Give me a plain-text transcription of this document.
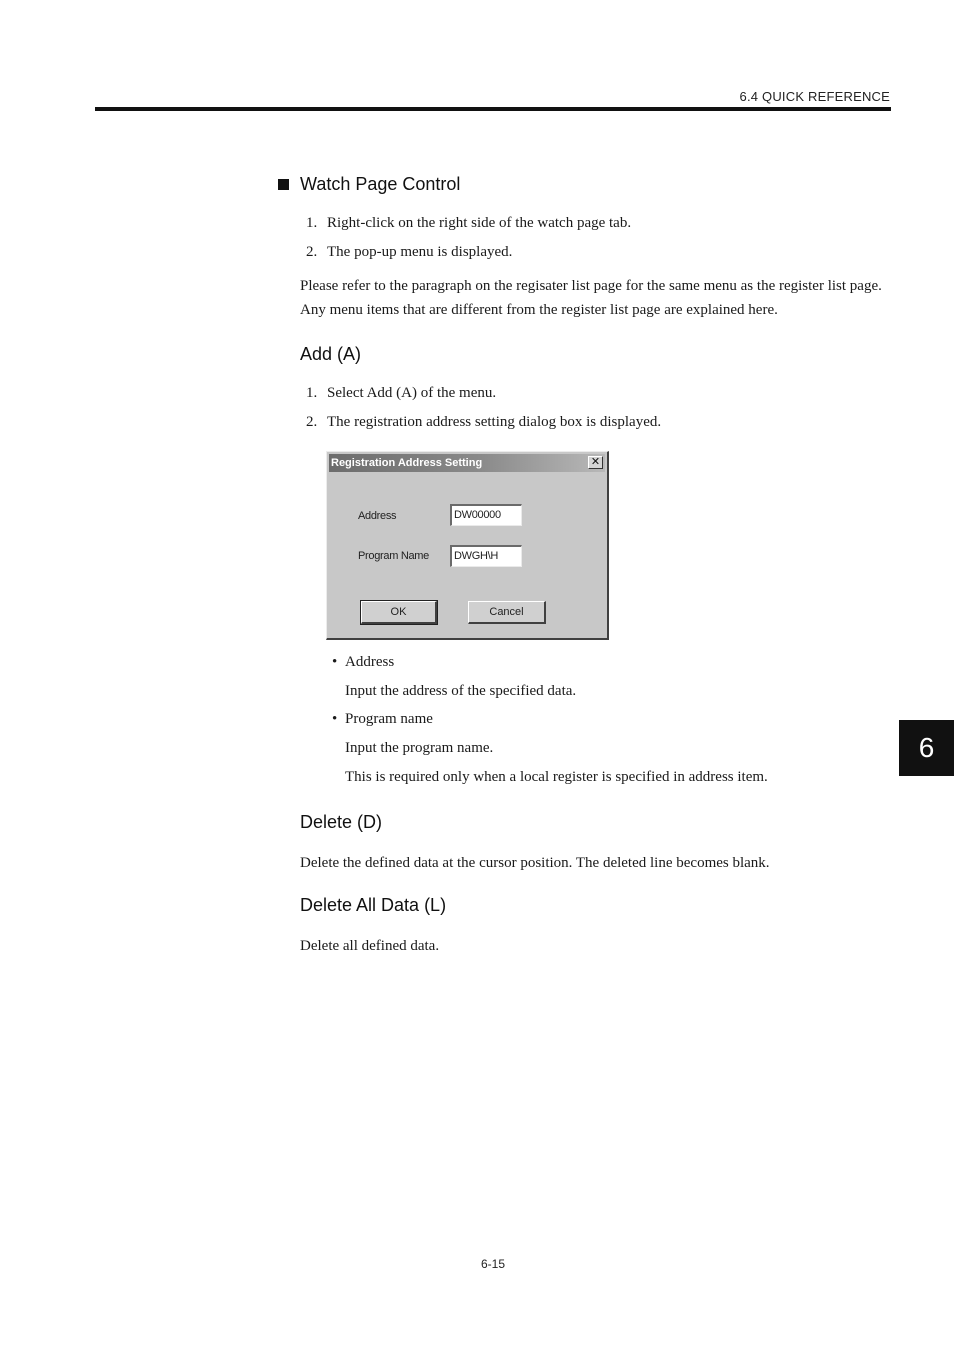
6.4 QUICK REFERENCE
Watch Page Control
1. Right-click on the right side of the watch page tab.
2. The pop-up menu is displayed.
Please refer to the paragraph on the regisater list page for the same menu as the register list page. Any menu items that are different from the register list page are explained here.
Add (A)
1. Select Add (A) of the menu.
2. The registration address setting dialog box is displayed.
Registration Address Setting	✕
Address	DW00000
Program Name	DWGH\H
OK	Cancel
• Address
Input the address of the specified data.
• Program name
Input the program name.
This is required only when a local register is specified in address item.
Delete (D)
Delete the defined data at the cursor position. The deleted line becomes blank.
Delete All Data (L)
Delete all defined data.
6
6-15
